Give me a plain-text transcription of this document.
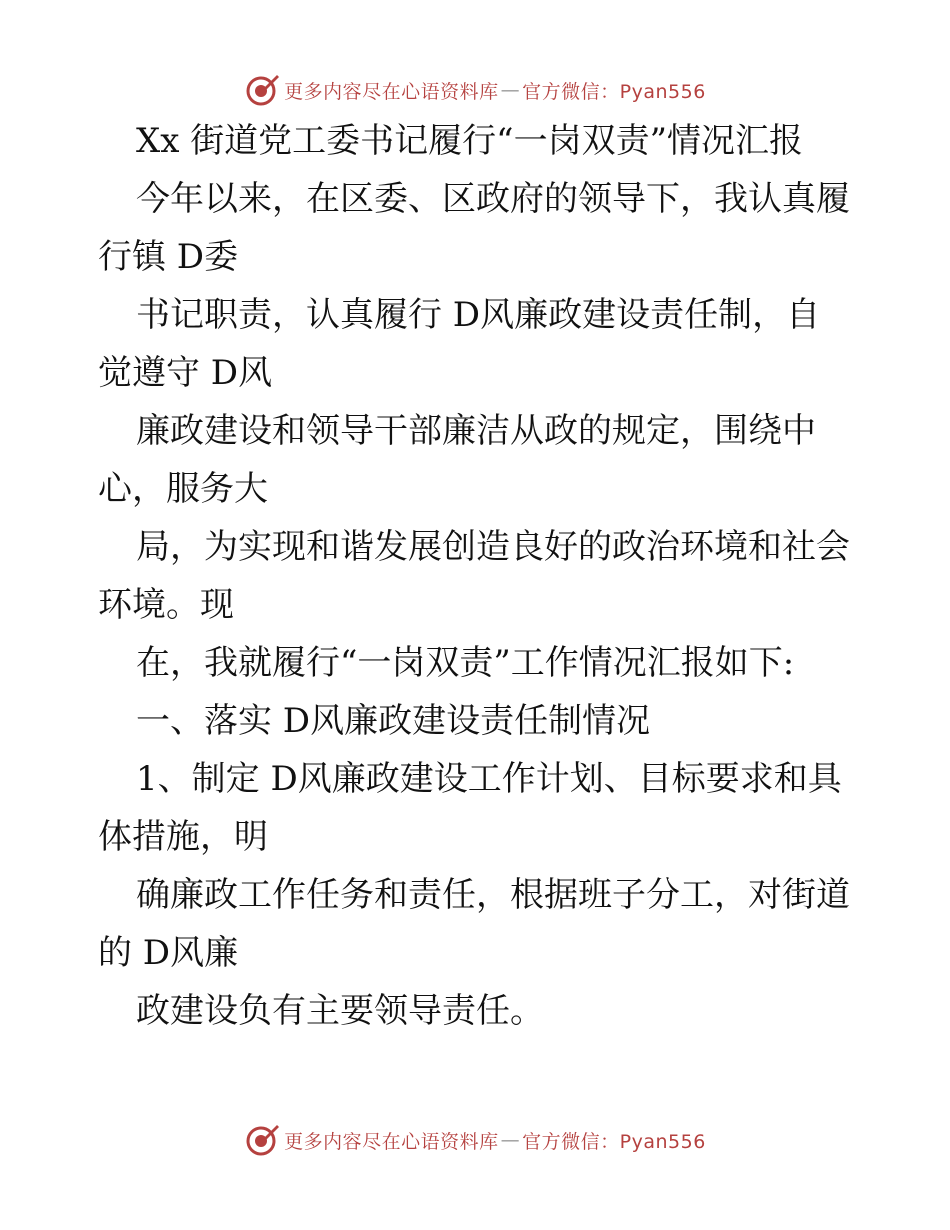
更多内容尽在心语资料库 — 官方微信：Pyan556
Xx 街道党工委书记履行“一岗双责”情况汇报
今年以来，在区委、区政府的领导下，我认真履
行镇 D委
书记职责，认真履行 D风廉政建设责任制，自
觉遵守 D风
廉政建设和领导干部廉洁从政的规定，围绕中
心，服务大
局，为实现和谐发展创造良好的政治环境和社会
环境。现
在，我就履行“一岗双责”工作情况汇报如下:
一、落实 D风廉政建设责任制情况
1、制定 D风廉政建设工作计划、目标要求和具
体措施，明
确廉政工作任务和责任，根据班子分工，对街道
的 D风廉
政建设负有主要领导责任。
更多内容尽在心语资料库 — 官方微信：Pyan556
